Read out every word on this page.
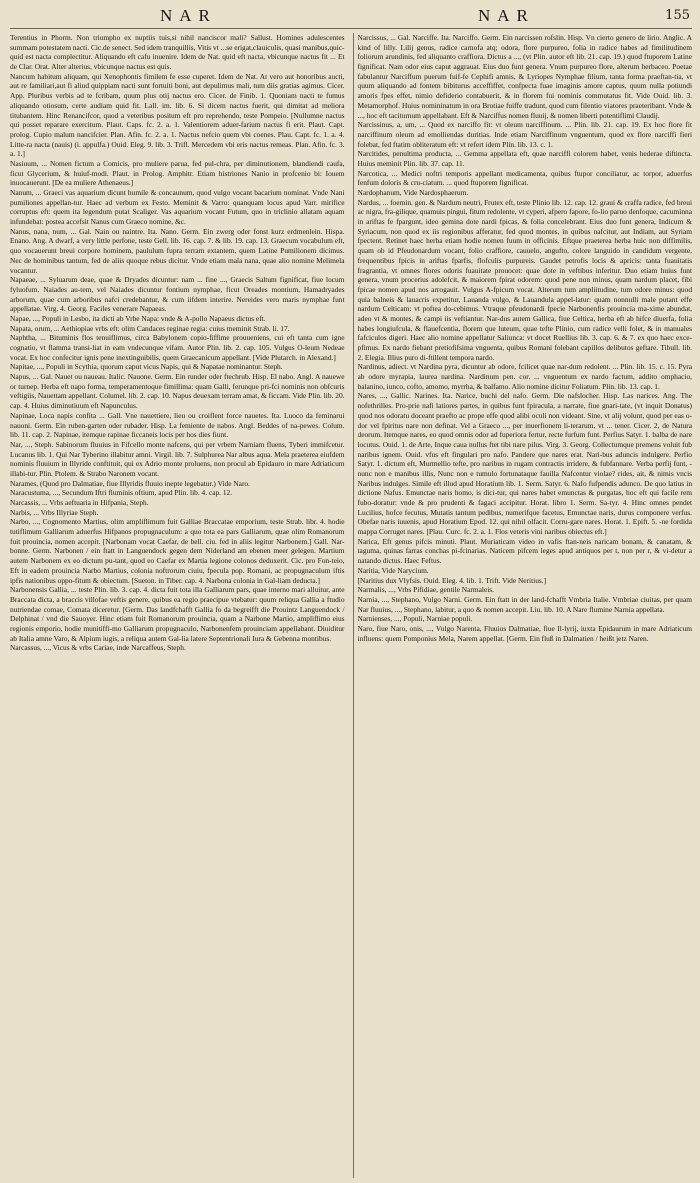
NAR	NAR	155

Terentius in Phorm. Non triumpho ex nuptiis tuis,si nihil nanciscor mali? Sallust. Homines adulescentes summam potestatem nacti. Cic.de senect. Sed idem tranquillis, Vitis vt ...se erigat,clauiculis, quasi manibus,quic-quid est nacta complectitur. Aliquando eft cafu inuenire. Idem de Nat. quid eft nacta, vbicunque nactus fit ... Et de Clar. Orat. Alter alterius, vbicunque nactus est quis.

Nancum habitum aliquam, qui Xenophontis fimilem fe esse cuperet. Idem de Nat. At vero aut honoribus aucti, aut re familiari,aut fi aliud quippiam nacti sunt fortuiti boni, aut depulimus mali, tum diis gratias agimus. Cicer. App. Pluribus verbis ad te fcribam, quum plus otij nactus ero. Cicer. de Finib. 1. Quoniam nacti te fumus aliquando otiosum, certe audiam quid fit. Lall. im. lib. 6. Si dicem nactus fuerit, qui dimitat ad meliora titubantem. Hinc Renancifcor, quod a veteribus positum eft pro reprehendo, teste Pompeio. [Nullumne nactus qui posset reparare exercitum. Plaut. Caps. fc. 2. a. 1. Valentiorem aduer-farium nactus fi erit. Plaut. Capt. prolog. Cupio malum nancifcier. Plan. Afin. fc. 2. a. 1. Nactus nefcio quem vbi coenes. Plau. Capt. fc. 1. a. 4. Litte-ra nacta (nauis) (i. appulfa.) Ouid. Eleg. 9. lib. 3. Trifl. Mercedem vbi eris nactus remeas. Plan. Afin. fc. 3. a. 1.]

Nasiuum, ... Nomen fictum a Comicis, pro muliere parua, fed pul-chra, per diminutionem, blandiendi caufa, ficut Glycerium, & huiuf-modi. Plaut. in Prolog. Amphitr. Etiam histriones Nanio in profcenio bi: Iouem inuocauerunt. [De ea muliere Athenaeus.]

Nanum, ... Graeci vas aquarium dicunt humile & concaunum, quod vulgo vocant bacarium nominat. Vnde Nani pumiliones appellan-tur. Haec ad verbum ex Festo. Meminit & Varro: quanquam locus apud Varr. mirifice corruptus eft: quem ita legendum putat Scaliger. Vas aquarium vocant Futum, quo in triclinio allatam aquam infundebat: postea accefsit Nanus cum Graeco nomine, &c.

Nanus, nana, num, ... Gal. Nain ou naintre. Ita. Nano. Germ. Ein zwerg oder fonst kurz erdmenlein. Hispa. Enano. Ang. A dwarf, a very little perfone, teste Gell. lib. 16. cap. 7. & lib. 19. cap. 13. Graecum vocabulum eft, quo vocauerunt breui corpore hominem, paululum fupra terram extantem, quem Latine Pumilionem dicimus. Nec de hominibus tantum, fed de aliis quoque rebus dicitur. Vnde etiam mala nana, quae alio nomine Melimela vocantur.

Napaeae, ... Syluarum deae, quae & Dryades dicuntur: nam ... fine ..., Graecis Saltum fignificat, fiue locum fyluofum. Naiades au-tem, vel Naiades dicuntur fontium nymphae, ficut Oreades montium, Hamadryades arborum, quae cum arboribus nafci credebantur, & cum iifdem interire. Nereides vero maris nymphae funt appellatae. Virg. 4. Georg. Faciles venerare Napaeas.

Napae, ..., Populi in Lesbo, ita dicti ab Vrbe Napa: vnde & A-pollo Napaeus dictus eft.

Napata, orum, ... Aethiopiae vrbs eft: olim Candaces reginae regia: cuius meminit Strab. li. 17.

Naphtha, ... Bituminis flos tenuiflimus, circa Babylonem copio-fiffime prouueniens, cui eft tanta cum igne cognatio, vt flamma transi-liat in eam vndecunque vifam. Autor Plin. lib. 2. cap. 105. Vulgus O-leum Nedeae vocat. Ex hoc confecitur ignis pene inextinguibilis, quem Graecanicum appellant. [Vide Plutarch. in Alexand.]

Napitae, ..., Populi in Scythia, quorum caput vicus Napis, qui & Napatae nominantur. Steph.

Napus, ... Gal. Nauet ou naueau. Italic. Nauone. Germ. Ein runder oder ftechrub. Hisp. El nabo. Angl. A nauewe or turnep. Herba eft napo forma, temperamentoque fimillima: quam Galli, ferunque pri-fci nominis non obfcuris veftigiis, Nauettam appellant. Columel. lib. 2. cap. 10. Napus deuexam terram amat, & ficcam. Vide Plin. lib. 20. cap. 4. Huius diminutiuum eft Napunculus.

Napinae, Loca napis confita ... Gall. Vne nauettiere, lieu ou croiflent force nauetes. Ita. Luoco da feminarui nauoni. Germ. Ein ruben-garten oder rubader. Hisp. La femiente de nabos. Angl. Beddes of na-pewes. Colum. lib. 11. cap. 2. Napinae, itemque rapinae ficcaneis locis per hos dies fiunt.

Nar, ..., Steph. Sabinorum fluuius in Fifcello monte nafcens, qui per vrbem Narniam fluens, Tyberi immifcetur. Lucanus lib. 1. Qui Nar Tyberino illabitur amni. Virgil. lib. 7. Sulphurea Nar albus aqua. Mela praeterea eiufdem nominis fluuium in Illyride conftituit, qui ex Adrio monte proluens, non procul ab Epidauro in mare Adriaticum illabi-tur. Plin. Ptolem. & Strabo Naronem vocant.

Narames, (Quod pro Dalmatiae, fiue Illyridis fluuio inepte legebatur.) Vide Naro.

Naracustuma, ..., Secundum Iftri fluminis oftium, apud Plin. lib. 4. cap. 12.

Narcassis, ... Vrbs aeftuaria in Hifpania, Steph.

Narbis, ... Vrbs Illyriae Steph.

Narbo, ..., Cognomento Martius, olim ampliflimum fuit Galliae Braccatae emporium, teste Strab. libr. 4. hodie tutiflimum Galliarum aduerfus Hifpanos propugnaculum: a quo tota ea pars Galliarum, quae olim Romanorum fuit prouincia, nomen accepit. [Narbonam vocat Caefar, de bell. ciu. fed in aliis legitur Narbonem.] Gall. Nar-bonne. Germ. Narbonen / ein ftatt in Languendock gegen dem Niderland am ebenen meer gelegen. Martium autem Narbonem ex eo dictum pu-tant, quod eo Caefar ex Martia legione colonos deduxerit. Cic. pro Fon-teio, Eft in eadem prouincia Narbo Martius, colonia noftrorum ciuiu, fpecula pop. Romani, ac propugnaculum iftis ipfis nationibus oppo-fitum & obiectum. [Sueton. in Tiber. cap. 4. Narbona colonia in Gal-liam deducta.]

Narbonensis Gallia, ... teste Plin. lib. 3. cap. 4. dicta fuit tota illa Galliarum pars, quae interno mari alluitur, ante Braccata dicta, a braccis villofae veftis genere, quibus ea regio praecipue vtebatur: quum reliqua Gallia a ftudio nutriendae comae, Comata diceretur. [Germ. Das landfchafft Gallia fo da begreifft die Prouintz Languendock / Delphinat / vnd die Sauoyer. Hinc etiam fuit Romanorum prouincia, quam a Narbone Martio, ampliflimo eius regionis emporio, hodie munitiffi-mo Galliarum propugnaculo, Narbonenfem prouinciam appellabant. Diuiditur ab Italia amne Varo, & Alpium iugis, a reliqua autem Gal-lia latere Septentrionali Iura & Gebenna montibus.

Narcassus, ..., Vicus & vrbs Cariae, inde Narcaffeus, Steph.

Narcissus, ... Gal. Narciffe. Ita. Narciffo. Germ. Ein narcissen rofslin. Hisp. Vn cierto genero de lirio. Anglic. A kind of lilly. Lilij genus, radice carnofa atq; odora, flore purpureo, folia in radice habes ad fimilitudinem foliorum arundinis, fed aliquanto craffiora. Dictus a ..., (vt Plin. autor eft lib. 21. cap. 19.) quod ftuporem Latine fignificat. Nam odor eius caput aggrauat. Eius duo funt genera. Vnum purpureo flore, alterum herbaceo. Poetae fabulantur Narciffum puerum fuif-fe Cephifi amnis, & Lyriopes Nymphae filium, tanta forma praeftan-tia, vt quum aliquando ad fontem bibiturus acceffiffet, confpecta fuae imaginis amore captus, quum nulla potiundi amoris fpes effet, nimio defiderio contabuerit, & in florem fui nominis commutatus fit. Vide Ouid. lib. 3. Metamorphof. Huius nomininatum in ora Brotiae fuiffe tradunt, quod cum filentio viatores praeteribant. Vnde & ..., hoc eft taciturnum appellabant. Eft & Narciffus nomen fluuij, & nomen liberti potentiflimi Claudij.

Narcissinus, a, um, ... Quod ex narciffo fit: vt oleum narciffinum. ... Plin. lib. 21. cap. 19. Ex hoc flore fit narciffinum oleum ad emolliendas duritias. Inde etiam Narciffinum vnguentum, quod ex flore narciffi fieri folebat, fed ftatim obliteratum eft: vt refert idem Plin. lib. 13. c. 1.

Narcitides, penultima producta, ... Gemma appellata eft, quae narciffi colorem habet, venis hederae diftincta. Huius meminit Plin. lib. 37. cap. 11.

Narcotica, ... Medici noftri temporis appellant medicamenta, quibus ftupor conciliatur, ac torpor, aduerfus fenfum doloris & cru-ciatum. ... quod ftuporem fignificat.

Nardophanum, Vide Nardosphaerum.

Nardus, ... foemin. gen. & Nardum neutri, Frutex eft, teste Plinio lib. 12. cap. 12. graui & craffa radice, fed breui ac nigra, fra-gilique, quamuis pingui, fitum redolente, vt cyperi, afpero fapore, fo-lio paruo denfoque, cacuminna in ariftas fe fpargunt, ideo gemina dote nardi fpicas, & folia concelebrant. Eius duo funt genera, Indicum & Syriacum, non quod ex iis regionibus afferatur, fed quod montes, in quibus nafcitur, aut Indiam, aut Syriam fpectent. Retinet haec herba etiam hodie nomen fuum in officinis. Eftque praeterea herba huic non diffimilis, quam ob id Pfeudonardum vocant, folio craffiore, cauuelo, angufto, colore languido in candidum vergente, frequentibus fpicis in ariftas fparfis, flofculis purpureis. Gaudet petrofis locis & apricis: tanta fuauitatis fragrantia, vt omnes flores odoris fuauitate prouocet: quae dote in veftibus inferitur. Duo etiam huius funt genera, vnum procerius adolefcit, & maiorem fpirat odorem: quod pene non minus, quam nardum placet, fibi fpicae nomen apud nos arrogauit. Vulgus A-fpicum vocat. Alterum tum ampliitudine, tum odore minus: quod quia balneis & lauacris expetitur, Lauanda vulgo, & Lauandula appel-latur: quam nonnulli male putant effe nardum Celticam: vt poftea do-cebimus. Vtraque pfeudonardi fpecie Narbonenfis prouincia ma-xime abundat, adeo vt & montes, & campi iis veftiantur. Nar-dus autem Gallica, fiue Celtica, herba eft ab hifce diuerfa, folia habes longiufcula, & flauefcentia, florem que luteum, quae tefte Plinio, cum radice velli folet, & in manuales fafciculos digeri. Haec alio nomine appellatur Saliunca: vt docet Ruellius lib. 3. cap. 6. & 7. ex quo haec exce-pfimus. Ex nardo fiebant pretiofifsima vnguenta, quibus Romani folebant capillos delibutos geftare. Tibull. lib. 2. Elegia. Illius puro di-ftillent tempora nardo.

Nardinus, adiect. vt Nardina pyra, dicuntur ab odore, fcilicet quae nar-dum redolent. ... Plin. lib. 15. c. 15. Pyra ab odore myrapia, laurea nardina. Nardinum pen. cor. ... vnguentum ex nardo factum, addito omphacio, balanino, iunco, cofto, amomo, myrrha, & balfamo. Alio nomine dicitur Foliatum. Plin. lib. 13. cap. 1.

Nares, ..., Gallic. Narines. Ita. Narice, buchi del nafo. Germ. Die nafslocher. Hisp. Las narices. Ang. The nofethrilles. Pro-prie nafi latiores partes, in quibus funt fpiracula, a narrate, fiue gnari-tate, (vt inquit Donatus) quod nos odoratu doceant praefto ac prope effe quod alibi oculi non videant. Sine, vt alij volunt, quod per eas o-dor vel fpiritus nare non definat. Vel a Graeco ..., per inuerfionem li-terarum, vt ... tener. Cicer. 2, de Natura deorum. Itemque nares, eo quod omnis odor ad fuperiora fertur, recte furfum funt. Perfius Satyr. 1. balba de nare locutus. Ouid. 1. de Arte, Inque caua nullus ftet tibi nare pilus. Virg. 3. Georg. Collectumque premens voluit fub naribus ignem. Ouid. vfus eft fingulari pro nafo. Pandere que nares erat. Nari-bus aduncis indulgere. Perfio Satyr. 1. dictum eft, Murmellio tefte, pro naribus in rugam contractis irridere, & fubfannare. Verba perfij funt, -nunc non e manibus illis, Nunc non e tumulo fortunataque fauilla Nafcentur violae? rides, ait, & nimis vncis Naribus indulges. Simile eft illud apud Horatium lib. 1. Serm. Satyr. 6. Nafo fufpendis adunco. De quo latius in dictione Nafus. Emunctae naris homo, is dici-tur, qui nares habet emunctas & purgatas, hoc eft qui facile rem fubo-doratur: vnde & pro prudenti & fagaci accipitur. Horat. libro 1. Serm. Sa-tyr. 4. Hinc omnes pendet Lucilius, hofce fecutus, Mutatis tantum pedibus, numerifque facetus, Emunctae naris, durus componere verfus. Obefae naris iuuenis, apud Horatium Epod. 12. qui nihil olfacit. Corru-gare nares. Horat. 1. Epift. 5. -ne fordida mappa Corruget nares. [Plau. Curc. fc. 2. a. 1. Flos veteris vini naribus obiectus eft.]

Narica, Eft genus pifcis minuti. Plaut. Muriaticam video in vafis ftan-neis naricam bonam, & canatam, & taguma, quinas farras conchas pi-fcinarias. Naticem pifcem leges apud antiquos per t, non per r, & vi-detur a natando dictus. Haec Feftus.

Naritia, Vide Narycium.

[Naritius dux Vlyfsis. Ouid. Eleg. 4. lib. 1. Trift. Vide Neritius.]

Narmalis, ..., Vrbs Pifidiae, gentile Narmaleis.

Narnia, ..., Stephano, Vulgo Narni. Germ. Ein ftatt in der land-fchafft Vmbria Italie. Vmbriae ciuitas, per quam Nar fluuius, ..., Stephano, labitur, a quo & nomen accepit. Liu. lib. 10. A Nare flumine Narnia appellata.

Narnienses, ..., Populi, Narniae populi.

Naro, fiue Naro, onis, ..., Vulgo Narenta, Fluuius Dalmatiae, fiue Il-lyrij, iuxta Epidaurum in mare Adriaticum influens: quem Pomponius Mela, Narem appellat. [Germ. Ein fluß in Dalmatien / heißt jetz Naren.
